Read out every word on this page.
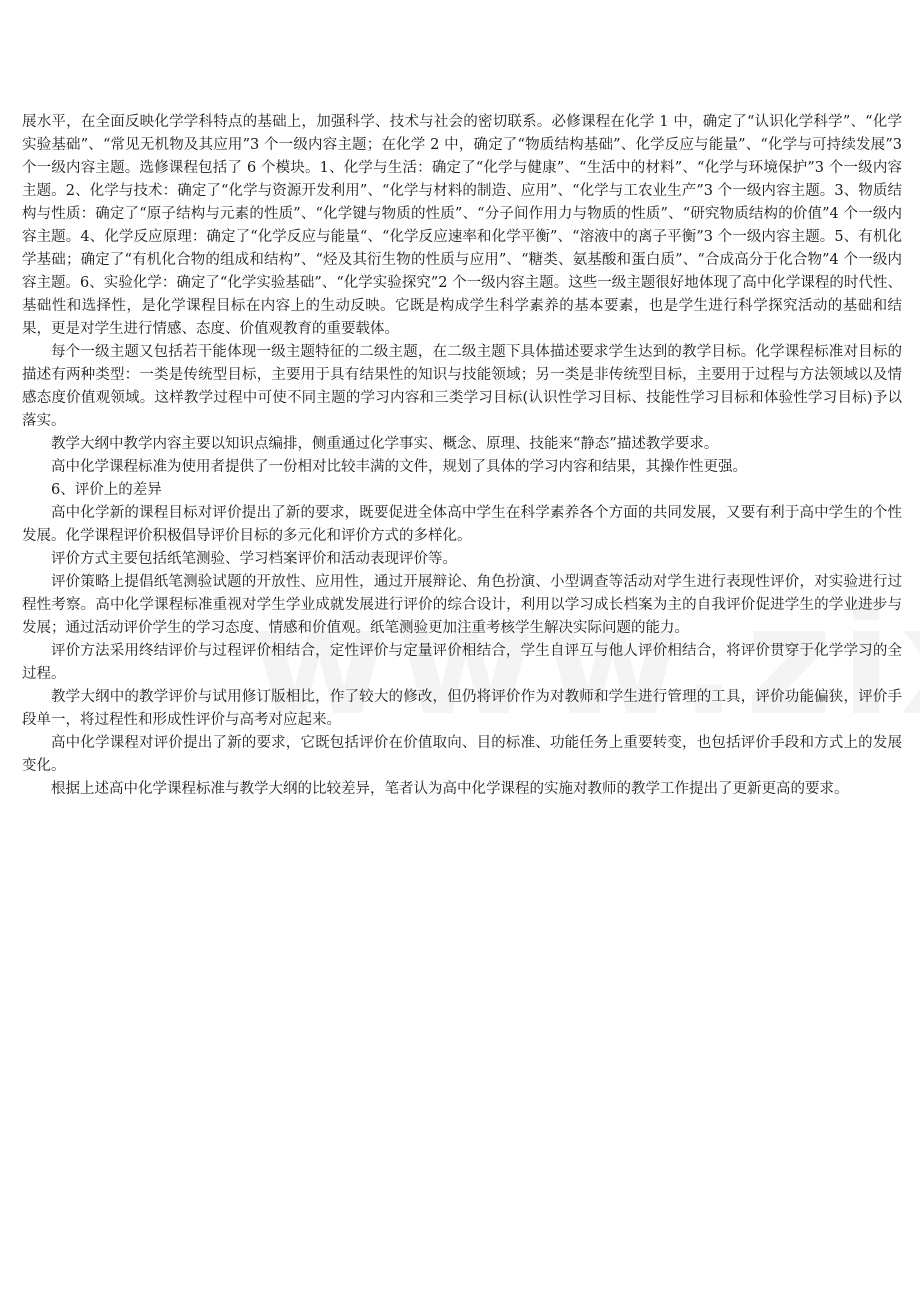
展水平，在全面反映化学学科特点的基础上，加强科学、技术与社会的密切联系。必修课程在化学 1 中，确定了“认识化学科学”、“化学实验基础”、“常见无机物及其应用”3 个一级内容主题；在化学 2 中，确定了“物质结构基础”、化学反应与能量”、“化学与可持续发展”3 个一级内容主题。选修课程包括了 6 个模块。1、化学与生活：确定了“化学与健康”、“生活中的材料”、“化学与环境保护”3 个一级内容主题。2、化学与技术：确定了“化学与资源开发利用”、“化学与材料的制造、应用”、“化学与工农业生产”3 个一级内容主题。3、物质结构与性质：确定了“原子结构与元素的性质”、“化学键与物质的性质”、“分子间作用力与物质的性质”、“研究物质结构的价值”4 个一级内容主题。4、化学反应原理：确定了“化学反应与能量“、“化学反应速率和化学平衡”、“溶液中的离子平衡”3 个一级内容主题。5、有机化学基础；确定了“有机化合物的组成和结构”、“烃及其衍生物的性质与应用”、“糖类、氨基酸和蛋白质”、“合成高分于化合物”4 个一级内容主题。6、实验化学：确定了“化学实验基础”、“化学实验探究”2 个一级内容主题。这些一级主题很好地体现了高中化学课程的时代性、基础性和选择性，是化学课程目标在内容上的生动反映。它既是构成学生科学素养的基本要素，也是学生进行科学探究活动的基础和结果，更是对学生进行情感、态度、价值观教育的重要载体。

每个一级主题又包括若干能体现一级主题特征的二级主题，在二级主题下具体描述要求学生达到的教学目标。化学课程标准对目标的描述有两种类型：一类是传统型目标，主要用于具有结果性的知识与技能领域；另一类是非传统型目标，主要用于过程与方法领域以及情感态度价值观领域。这样教学过程中可使不同主题的学习内容和三类学习目标(认识性学习目标、技能性学习目标和体验性学习目标)予以落实。

教学大纲中教学内容主要以知识点编排，侧重通过化学事实、概念、原理、技能来“静态”描述教学要求。

高中化学课程标准为使用者提供了一份相对比较丰满的文件，规划了具体的学习内容和结果，其操作性更强。

6、评价上的差异

高中化学新的课程目标对评价提出了新的要求，既要促进全体高中学生在科学素养各个方面的共同发展，又要有利于高中学生的个性发展。化学课程评价积极倡导评价目标的多元化和评价方式的多样化。

评价方式主要包括纸笔测验、学习档案评价和活动表现评价等。

评价策略上提倡纸笔测验试题的开放性、应用性，通过开展辩论、角色扮演、小型调查等活动对学生进行表现性评价，对实验进行过程性考察。高中化学课程标准重视对学生学业成就发展进行评价的综合设计，利用以学习成长档案为主的自我评价促进学生的学业进步与发展；通过活动评价学生的学习态度、情感和价值观。纸笔测验更加注重考核学生解决实际问题的能力。

评价方法采用终结评价与过程评价相结合，定性评价与定量评价相结合，学生自评互与他人评价相结合，将评价贯穿于化学学习的全过程。

教学大纲中的教学评价与试用修订版相比，作了较大的修改，但仍将评价作为对教师和学生进行管理的工具，评价功能偏狭，评价手段单一，将过程性和形成性评价与高考对应起来。

高中化学课程对评价提出了新的要求，它既包括评价在价值取向、目的标准、功能任务上重要转变，也包括评价手段和方式上的发展变化。

根据上述高中化学课程标准与教学大纲的比较差异，笔者认为高中化学课程的实施对教师的教学工作提出了更新更高的要求。
